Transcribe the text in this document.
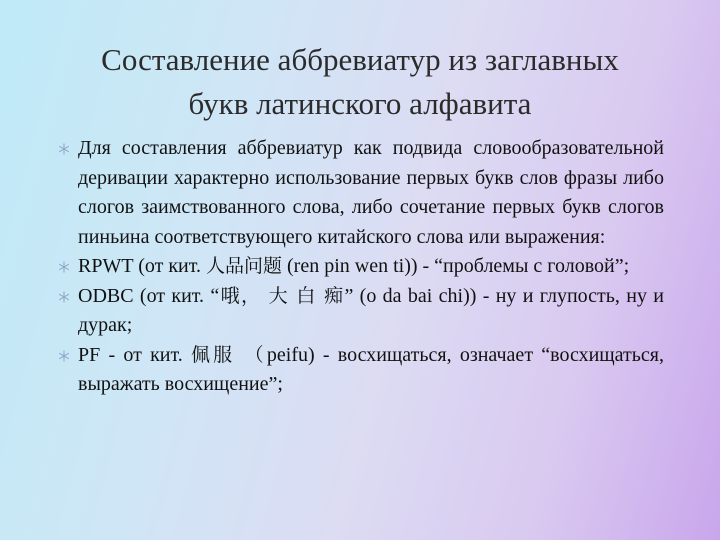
Составление аббревиатур из заглавных
букв латинского алфавита
Для составления аббревиатур как подвида словообразовательной деривации характерно использование первых букв слов фразы либо слогов заимствованного слова, либо сочетание первых букв слогов пиньина соответствующего китайского слова или выражения:
RPWT (от кит. 人品问题 (ren pin wen ti)) - “проблемы с головой”;
ODBC (от кит. “哦， 大 白 痴” (o da bai chi)) - ну и глупость, ну и дурак;
PF - от кит. 佩服 （peifu) - восхищаться, означает “восхищаться, выражать восхищение”;
